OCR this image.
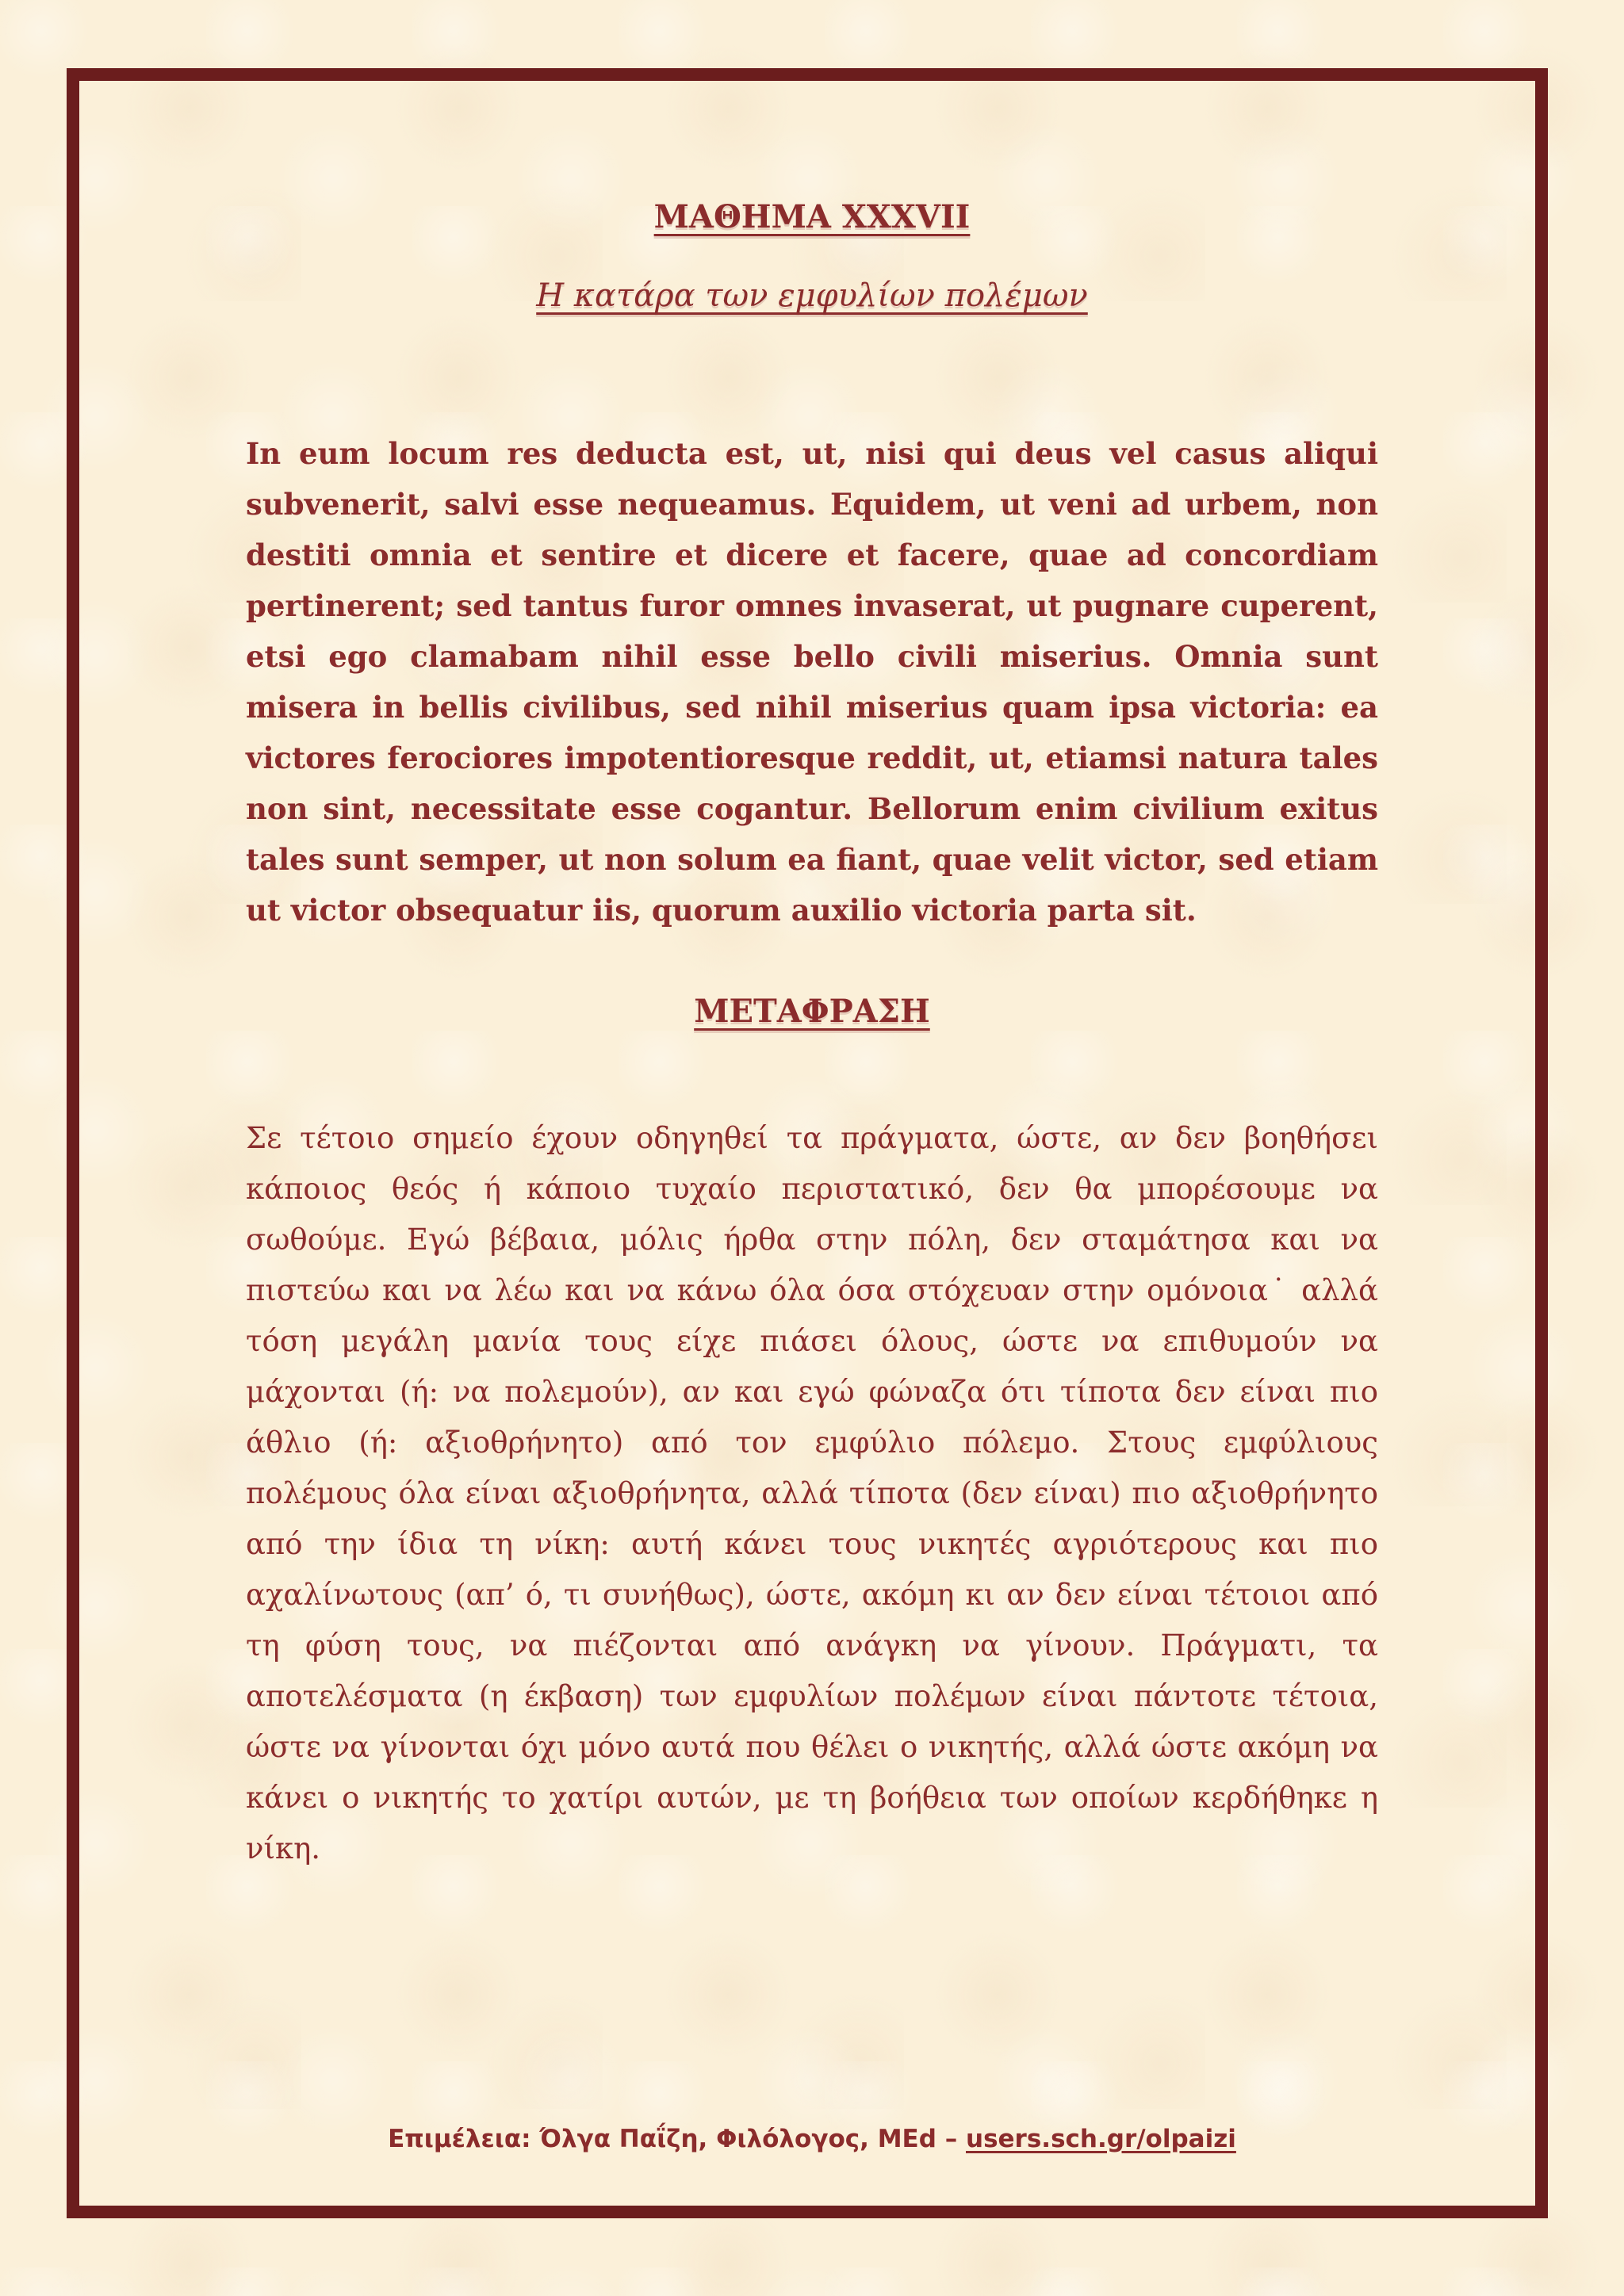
ΜΑΘΗΜΑ XXXVII
Η κατάρα των εμφυλίων πολέμων

In eum locum res deducta est, ut, nisi qui deus vel casus aliqui subvenerit, salvi esse nequeamus. Equidem, ut veni ad urbem, non destiti omnia et sentire et dicere et facere, quae ad concordiam pertinerent; sed tantus furor omnes invaserat, ut pugnare cuperent, etsi ego clamabam nihil esse bello civili miserius. Omnia sunt misera in bellis civilibus, sed nihil miserius quam ipsa victoria: ea victores ferociores impotentioresque reddit, ut, etiamsi natura tales non sint, necessitate esse cogantur. Bellorum enim civilium exitus tales sunt semper, ut non solum ea fiant, quae velit victor, sed etiam ut victor obsequatur iis, quorum auxilio victoria parta sit.

ΜΕΤΑΦΡΑΣΗ

Σε τέτοιο σημείο έχουν οδηγηθεί τα πράγματα, ώστε, αν δεν βοηθήσει κάποιος θεός ή κάποιο τυχαίο περιστατικό, δεν θα μπορέσουμε να σωθούμε. Εγώ βέβαια, μόλις ήρθα στην πόλη, δεν σταμάτησα και να πιστεύω και να λέω και να κάνω όλα όσα στόχευαν στην ομόνοια˙ αλλά τόση μεγάλη μανία τους είχε πιάσει όλους, ώστε να επιθυμούν να μάχονται (ή: να πολεμούν), αν και εγώ φώναζα ότι τίποτα δεν είναι πιο άθλιο (ή: αξιοθρήνητο) από τον εμφύλιο πόλεμο. Στους εμφύλιους πολέμους όλα είναι αξιοθρήνητα, αλλά τίποτα (δεν είναι) πιο αξιοθρήνητο από την ίδια τη νίκη: αυτή κάνει τους νικητές αγριότερους και πιο αχαλίνωτους (απ’ ό, τι συνήθως), ώστε, ακόμη κι αν δεν είναι τέτοιοι από τη φύση τους, να πιέζονται από ανάγκη να γίνουν. Πράγματι, τα αποτελέσματα (η έκβαση) των εμφυλίων πολέμων είναι πάντοτε τέτοια, ώστε να γίνονται όχι μόνο αυτά που θέλει ο νικητής, αλλά ώστε ακόμη να κάνει ο νικητής το χατίρι αυτών, με τη βοήθεια των οποίων κερδήθηκε η νίκη.

Επιμέλεια: Όλγα Παΐζη, Φιλόλογος, MEd – users.sch.gr/olpaizi
